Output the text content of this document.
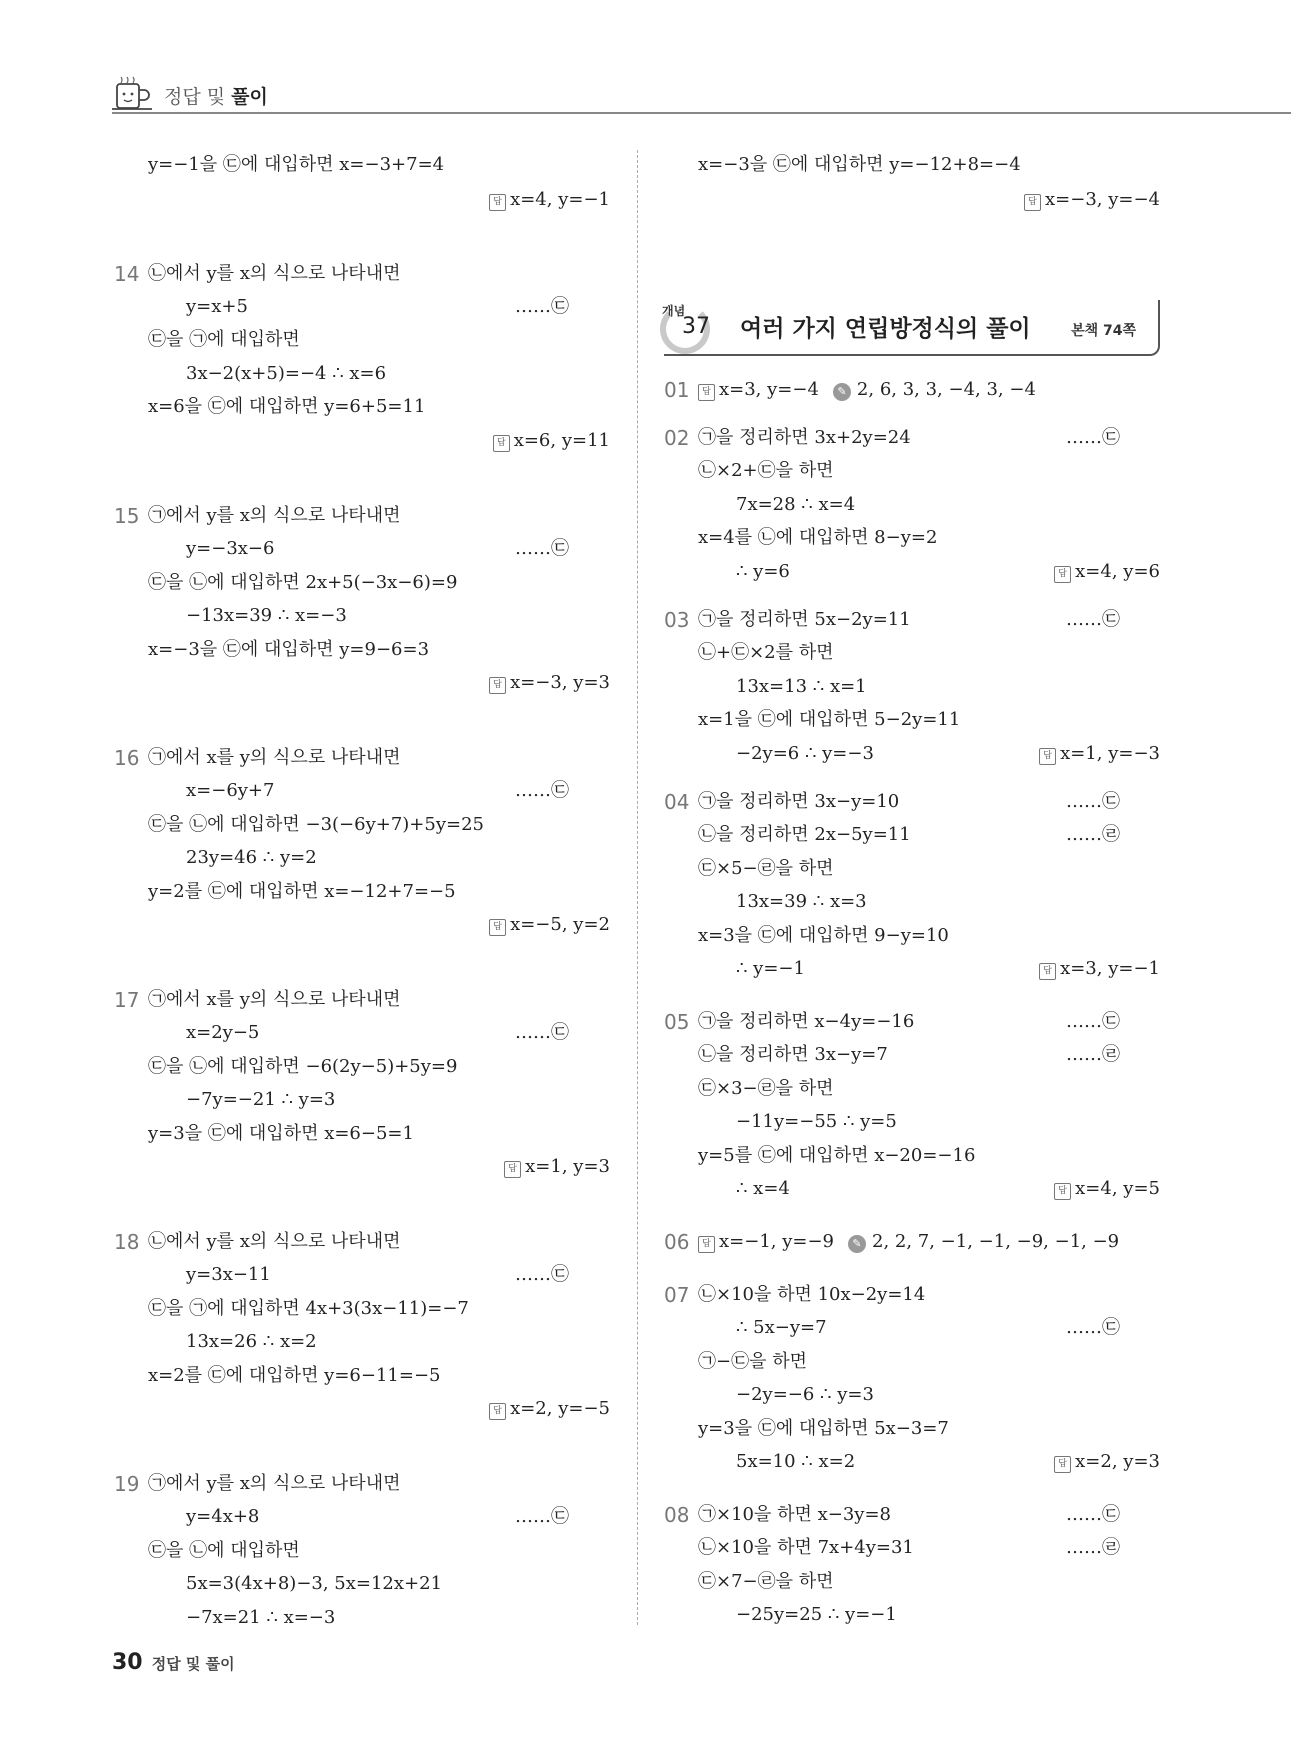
정답 및 풀이
y=−1을 ㉢에 대입하면 x=−3+7=4
답 x=4, y=−1
14 ㉡에서 y를 x의 식으로 나타내면
y=x+5	……㉢
㉢을 ㉠에 대입하면
3x−2(x+5)=−4 ∴ x=6
x=6을 ㉢에 대입하면 y=6+5=11
답 x=6, y=11
15 ㉠에서 y를 x의 식으로 나타내면
y=−3x−6	……㉢
㉢을 ㉡에 대입하면 2x+5(−3x−6)=9
−13x=39 ∴ x=−3
x=−3을 ㉢에 대입하면 y=9−6=3
답 x=−3, y=3
16 ㉠에서 x를 y의 식으로 나타내면
x=−6y+7	……㉢
㉢을 ㉡에 대입하면 −3(−6y+7)+5y=25
23y=46 ∴ y=2
y=2를 ㉢에 대입하면 x=−12+7=−5
답 x=−5, y=2
17 ㉠에서 x를 y의 식으로 나타내면
x=2y−5	……㉢
㉢을 ㉡에 대입하면 −6(2y−5)+5y=9
−7y=−21 ∴ y=3
y=3을 ㉢에 대입하면 x=6−5=1
답 x=1, y=3
18 ㉡에서 y를 x의 식으로 나타내면
y=3x−11	……㉢
㉢을 ㉠에 대입하면 4x+3(3x−11)=−7
13x=26 ∴ x=2
x=2를 ㉢에 대입하면 y=6−11=−5
답 x=2, y=−5
19 ㉠에서 y를 x의 식으로 나타내면
y=4x+8	……㉢
㉢을 ㉡에 대입하면
5x=3(4x+8)−3, 5x=12x+21
−7x=21 ∴ x=−3
x=−3을 ㉢에 대입하면 y=−12+8=−4
답 x=−3, y=−4
개념
37 여러 가지 연립방정식의 풀이	본책 74쪽
01	답 x=3, y=−4 ✎ 2, 6, 3, 3, −4, 3, −4
02 ㉠을 정리하면 3x+2y=24	……㉢
㉡×2+㉢을 하면
7x=28 ∴ x=4
x=4를 ㉡에 대입하면 8−y=2
∴ y=6	답 x=4, y=6
03 ㉠을 정리하면 5x−2y=11	……㉢
㉡+㉢×2를 하면
13x=13 ∴ x=1
x=1을 ㉢에 대입하면 5−2y=11
−2y=6 ∴ y=−3	답 x=1, y=−3
04 ㉠을 정리하면 3x−y=10	……㉢
㉡을 정리하면 2x−5y=11	……㉣
㉢×5−㉣을 하면
13x=39 ∴ x=3
x=3을 ㉢에 대입하면 9−y=10
∴ y=−1	답 x=3, y=−1
05 ㉠을 정리하면 x−4y=−16	……㉢
㉡을 정리하면 3x−y=7	……㉣
㉢×3−㉣을 하면
−11y=−55 ∴ y=5
y=5를 ㉢에 대입하면 x−20=−16
∴ x=4	답 x=4, y=5
06	답 x=−1, y=−9 ✎ 2, 2, 7, −1, −1, −9, −1, −9
07 ㉡×10을 하면 10x−2y=14
∴ 5x−y=7	……㉢
㉠−㉢을 하면
−2y=−6 ∴ y=3
y=3을 ㉢에 대입하면 5x−3=7
5x=10 ∴ x=2	답 x=2, y=3
08 ㉠×10을 하면 x−3y=8	……㉢
㉡×10을 하면 7x+4y=31	……㉣
㉢×7−㉣을 하면
−25y=25 ∴ y=−1
30 정답 및 풀이
